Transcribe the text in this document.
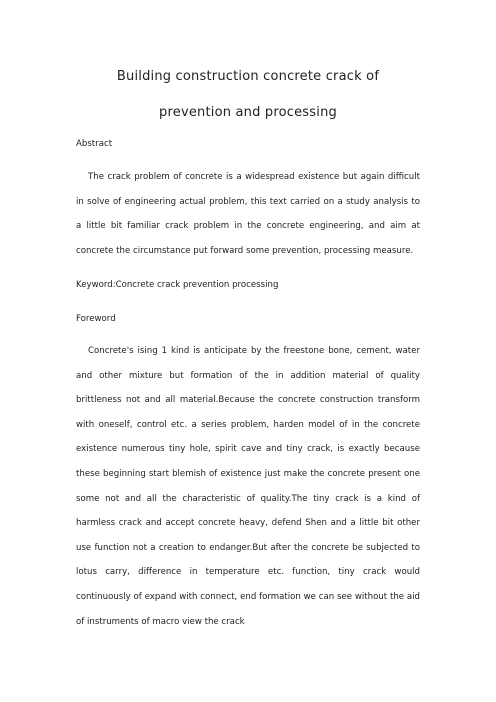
Building construction concrete crack of
prevention and processing
Abstract
The crack problem of concrete is a widespread existence but again difficult in solve of engineering actual problem, this text carried on a study analysis to a little bit familiar crack problem in the concrete engineering, and aim at concrete the circumstance put forward some prevention, processing measure.
Keyword:Concrete crack prevention processing
Foreword
Concrete's ising 1 kind is anticipate by the freestone bone, cement, water and other mixture but formation of the in addition material of quality brittleness not and all material.Because the concrete construction transform with oneself, control etc. a series problem, harden model of in the concrete existence numerous tiny hole, spirit cave and tiny crack, is exactly because these beginning start blemish of existence just make the concrete present one some not and all the characteristic of quality.The tiny crack is a kind of harmless crack and accept concrete heavy, defend Shen and a little bit other use function not a creation to endanger.But after the concrete be subjected to lotus carry, difference in temperature etc. function, tiny crack would continuously of expand with connect, end formation we can see without the aid of instruments of macro view the crack
